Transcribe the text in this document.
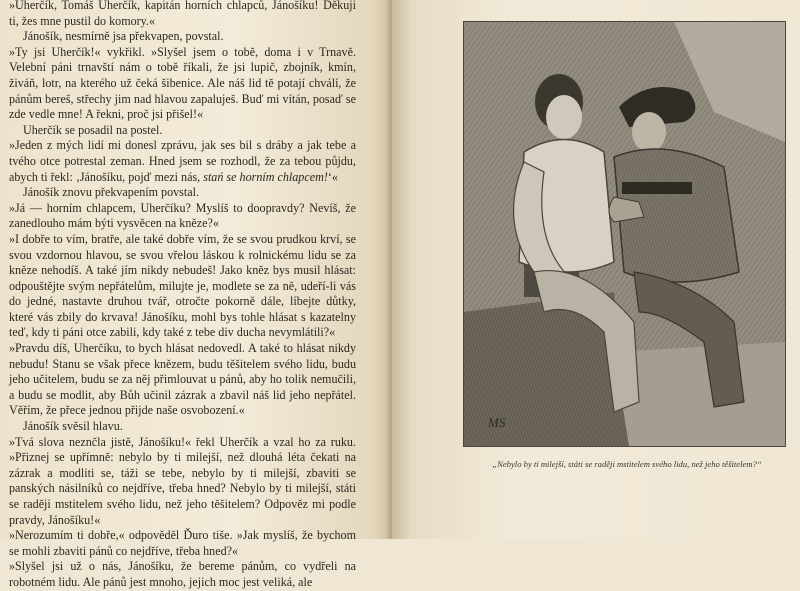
»Uherčík, Tomáš Uherčík, kapitán horních chlapců, Jánošíku! Děkuji ti, žes mne pustil do komory.«

Jánošík, nesmírně jsa překvapen, povstal.

»Ty jsi Uherčík!« vykřikl. »Slyšel jsem o tobě, doma i v Trnavě. Velební páni trnavští nám o tobě říkali, že jsi lupič, zbojník, kmín, živáň, lotr, na kterého už čeká šibenice. Ale náš lid tě potají chválí, že pánům bereš, střechy jim nad hlavou zapaluješ. Buď mi vítán, posaď se zde vedle mne! A řekni, proč jsi přišel!«

Uherčík se posadil na postel.

»Jeden z mých lidí mi donesl zprávu, jak ses bil s dráby a jak tebe a tvého otce potrestal zeman. Hned jsem se rozhodl, že za tebou půjdu, abych ti řekl: ‚Jánošíku, pojď mezi nás, stań se horním chlapcem!‘«

Jánošík znovu překvapením povstal.

»Já — horním chlapcem, Uherčíku? Myslíš to doopravdy? Nevíš, že zanedlouho mám býti vysvěcen na kněze?«

»I dobře to vím, bratře, ale také dobře vím, že se svou prudkou krví, se svou vzdornou hlavou, se svou vřelou láskou k rolnickému lidu se za kněze nehodíš. A také jím nikdy nebudeš! Jako kněz bys musil hlásat: odpouštějte svým nepřátelům, milujte je, modlete se za ně, udeří-li vás do jedné, nastavte druhou tvář, otročte pokorně dále, líbejte důtky, které vás zbily do krvava! Jánošíku, mohl bys tohle hlásat s kazatelny teď, kdy ti páni otce zabili, kdy také z tebe div ducha nevymlátili?«

»Pravdu díš, Uherčíku, to bych hlásat nedovedl. A také to hlásat nikdy nebudu! Stanu se však přece knězem, budu těšitelem svého lidu, budu jeho učitelem, budu se za něj přimlouvat u pánů, aby ho tolik nemučili, a budu se modlit, aby Bůh učinil zázrak a zbavil náš lid jeho nepřátel. Věřím, že přece jednou přijde naše osvobození.«

Jánošík svěsil hlavu.

»Tvá slova neznčla jistě, Jánošíku!« řekl Uherčík a vzal ho za ruku. »Přiznej se upřímně: nebylo by ti milejší, než dlouhá léta čekati na zázrak a modliti se, táži se tebe, nebylo by ti milejší, zbaviti se panských násilníků co nejdříve, třeba hned? Nebylo by ti milejší, státi se raději mstitelem svého lidu, než jeho těšitelem? Odpověz mi podle pravdy, Jánošíku!«

»Nerozumím ti dobře,« odpověděl Ďuro tiše. »Jak myslíš, že bychom se mohli zbaviti pánů co nejdříve, třeba hned?«

»Slyšel jsi už o nás, Jánošíku, že bereme pánům, co vydřeli na robotném lidu. Ale pánů jest mnoho, jejich moc jest veliká, ale

MS
„Nebylo by ti milejší, státi se raději mstitelem svého lidu, než jeho těšitelem?“
